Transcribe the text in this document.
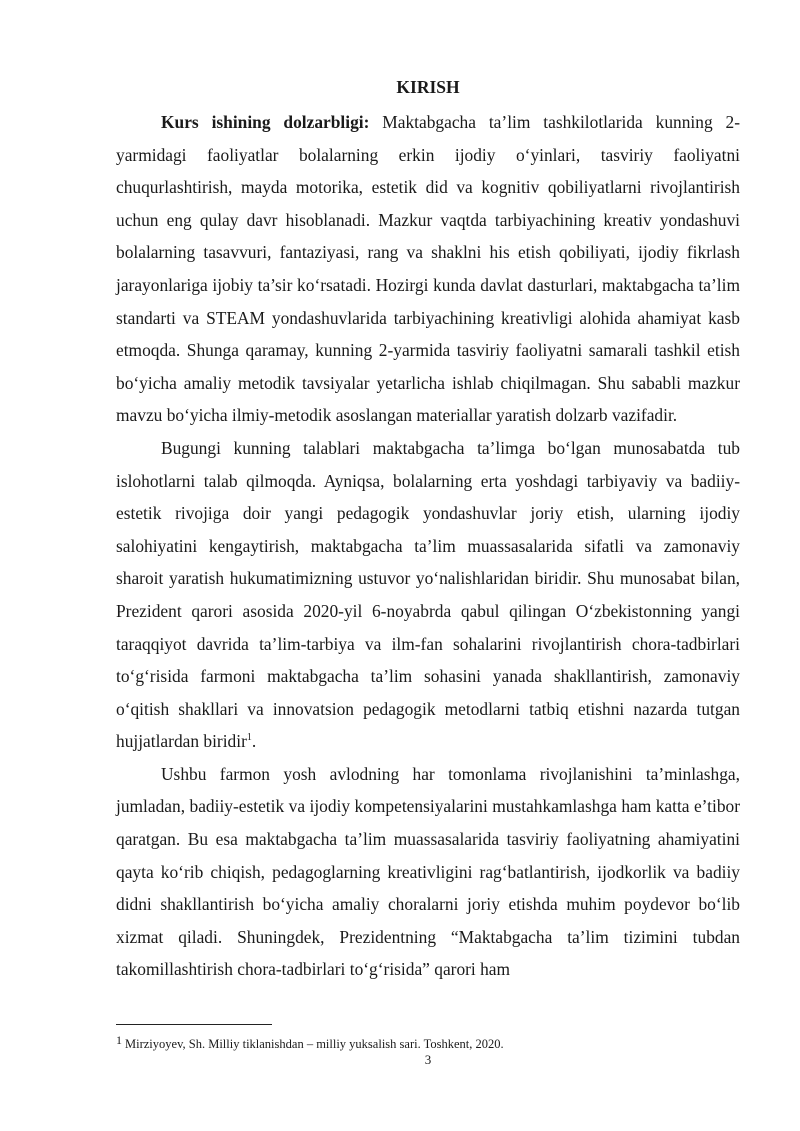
KIRISH

Kurs ishining dolzarbligi: Maktabgacha ta’lim tashkilotlarida kunning 2-yarmidagi faoliyatlar bolalarning erkin ijodiy o‘yinlari, tasviriy faoliyatni chuqurlashtirish, mayda motorika, estetik did va kognitiv qobiliyatlarni rivojlantirish uchun eng qulay davr hisoblanadi. Mazkur vaqtda tarbiyachining kreativ yondashuvi bolalarning tasavvuri, fantaziyasi, rang va shaklni his etish qobiliyati, ijodiy fikrlash jarayonlariga ijobiy ta’sir ko‘rsatadi. Hozirgi kunda davlat dasturlari, maktabgacha ta’lim standarti va STEAM yondashuvlarida tarbiyachining kreativligi alohida ahamiyat kasb etmoqda. Shunga qaramay, kunning 2-yarmida tasviriy faoliyatni samarali tashkil etish bo‘yicha amaliy metodik tavsiyalar yetarlicha ishlab chiqilmagan. Shu sababli mazkur mavzu bo‘yicha ilmiy-metodik asoslangan materiallar yaratish dolzarb vazifadir.

Bugungi kunning talablari maktabgacha ta’limga bo‘lgan munosabatda tub islohotlarni talab qilmoqda. Ayniqsa, bolalarning erta yoshdagi tarbiyaviy va badiiy-estetik rivojiga doir yangi pedagogik yondashuvlar joriy etish, ularning ijodiy salohiyatini kengaytirish, maktabgacha ta’lim muassasalarida sifatli va zamonaviy sharoit yaratish hukumatimizning ustuvor yo‘nalishlaridan biridir. Shu munosabat bilan, Prezident qarori asosida 2020-yil 6-noyabrda qabul qilingan O‘zbekistonning yangi taraqqiyot davrida ta’lim-tarbiya va ilm-fan sohalarini rivojlantirish chora-tadbirlari to‘g‘risida farmoni maktabgacha ta’lim sohasini yanada shakllantirish, zamonaviy o‘qitish shakllari va innovatsion pedagogik metodlarni tatbiq etishni nazarda tutgan hujjatlardan biridir$^1$.

Ushbu farmon yosh avlodning har tomonlama rivojlanishini ta’minlashga, jumladan, badiiy-estetik va ijodiy kompetensiyalarini mustahkamlashga ham katta e’tibor qaratgan. Bu esa maktabgacha ta’lim muassasalarida tasviriy faoliyatning ahamiyatini qayta ko‘rib chiqish, pedagoglarning kreativligini rag‘batlantirish, ijodkorlik va badiiy didni shakllantirish bo‘yicha amaliy choralarni joriy etishda muhim poydevor bo‘lib xizmat qiladi. Shuningdek, Prezidentning “Maktabgacha ta’lim tizimini tubdan takomillashtirish chora-tadbirlari to‘g‘risida” qarori ham

1 Mirziyoyev, Sh. Milliy tiklanishdan – milliy yuksalish sari. Toshkent, 2020.
3
